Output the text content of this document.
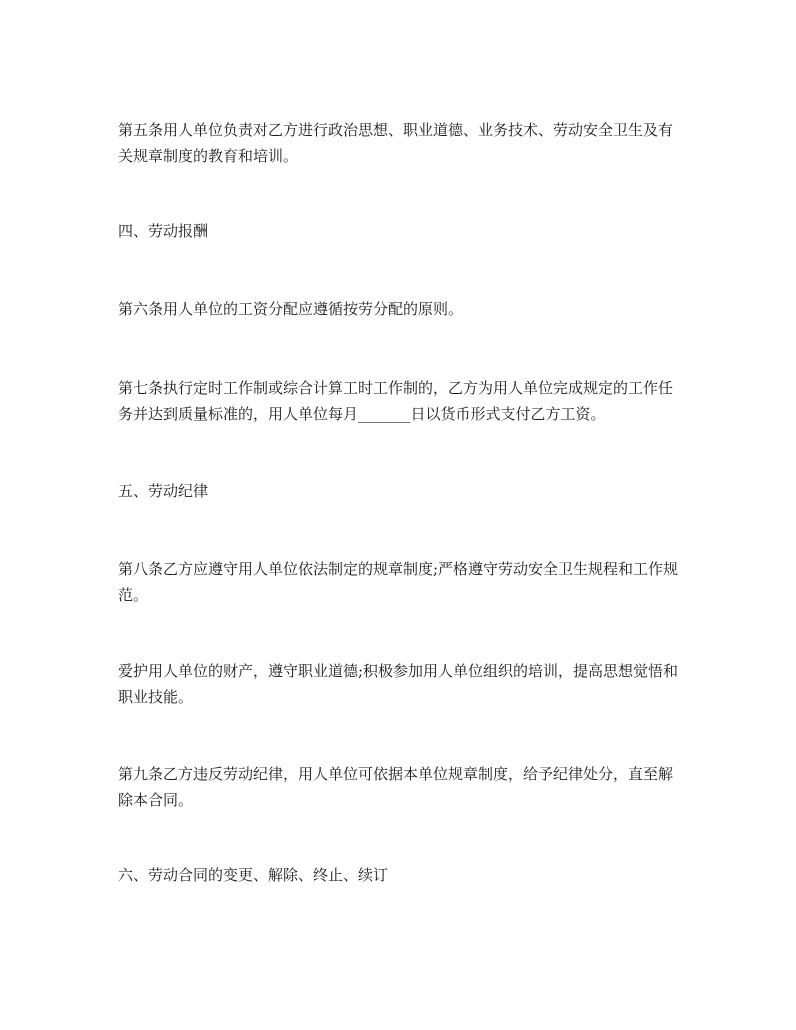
第五条用人单位负责对乙方进行政治思想、职业道德、业务技术、劳动安全卫生及有关规章制度的教育和培训。

四、劳动报酬

第六条用人单位的工资分配应遵循按劳分配的原则。

第七条执行定时工作制或综合计算工时工作制的，乙方为用人单位完成规定的工作任务并达到质量标准的，用人单位每月_______日以货币形式支付乙方工资。

五、劳动纪律

第八条乙方应遵守用人单位依法制定的规章制度;严格遵守劳动安全卫生规程和工作规范。

爱护用人单位的财产，遵守职业道德;积极参加用人单位组织的培训，提高思想觉悟和职业技能。

第九条乙方违反劳动纪律，用人单位可依据本单位规章制度，给予纪律处分，直至解除本合同。

六、劳动合同的变更、解除、终止、续订
